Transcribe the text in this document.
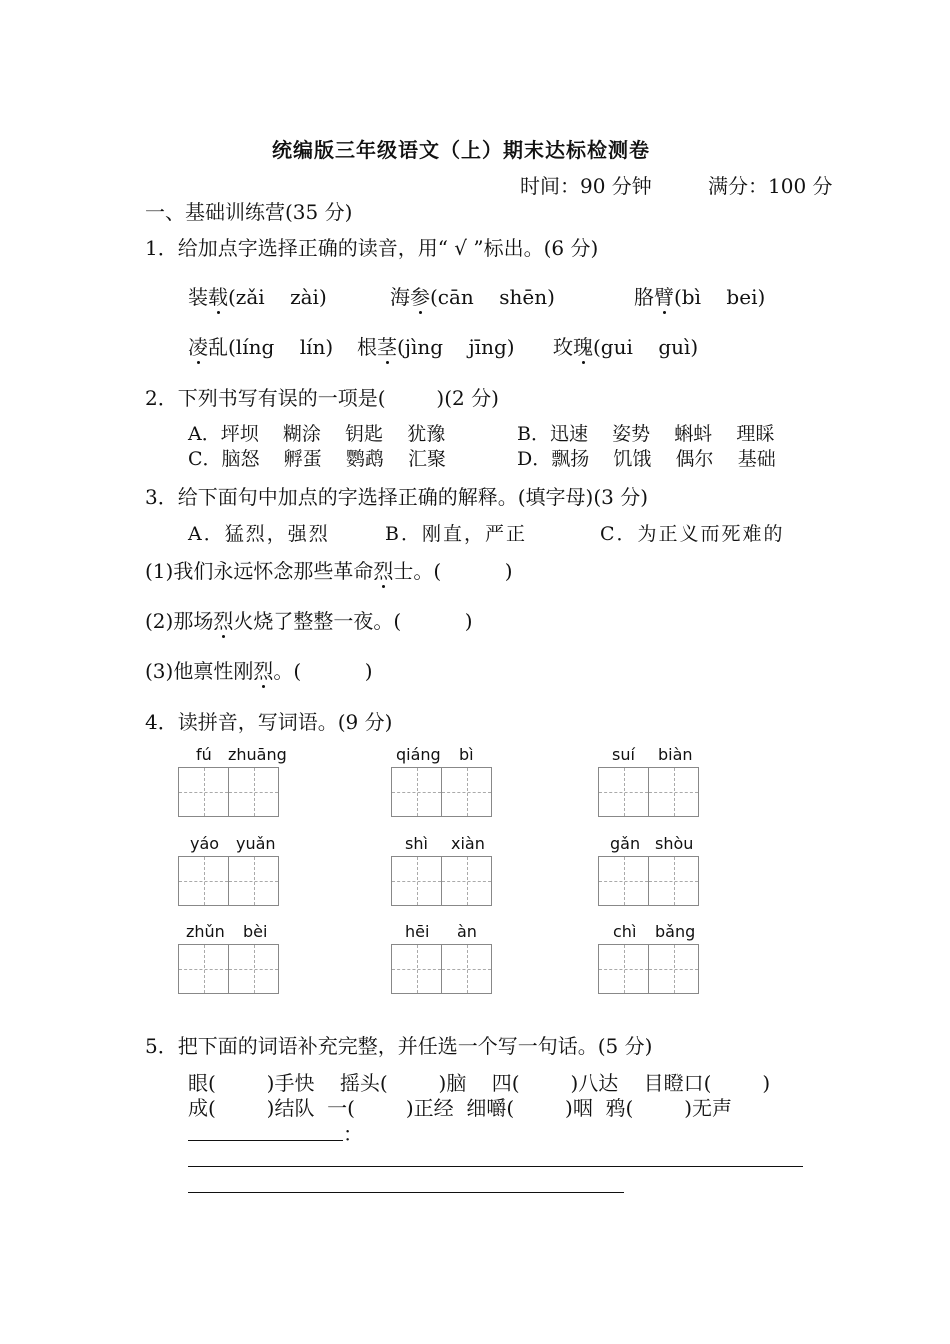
统编版三年级语文（上）期末达标检测卷
时间：90 分钟	满分：100 分
一、基础训练营(35 分)
1．给加点字选择正确的读音，用“ √ ”标出。(6 分)
装载(zǎi    zài)	海参(cān    shēn)	胳臂(bì    bei)
凌乱(líng    lín) 根茎(jìng    jīng) 玫瑰(gui    guì)
2．下列书写有误的一项是(        )(2 分)
A．坪坝    糊涂    钥匙    犹豫	B．迅速    姿势    蝌蚪    理睬
C．脑怒    孵蛋    鹦鹉    汇聚	D．飘扬    饥饿    偶尔    基础
3．给下面句中加点的字选择正确的解释。(填字母)(3 分)
A．猛烈，强烈	B．刚直，严正	C．为正义而死难的
(1)我们永远怀念那些革命烈士。(          )
(2)那场烈火烧了整整一夜。(          )
(3)他禀性刚烈。(          )
4．读拼音，写词语。(9 分)
fú zhuāng	qiáng bì	suí biàn
yáo yuǎn	shì xiàn	gǎn shòu
zhǔn bèi	hēi àn	chì bǎng
5．把下面的词语补充完整，并任选一个写一句话。(5 分)
眼(        )手快    摇头(        )脑    四(        )八达    目瞪口(        )
成(        )结队  一(        )正经  细嚼(        )咽  鸦(        )无声
：
